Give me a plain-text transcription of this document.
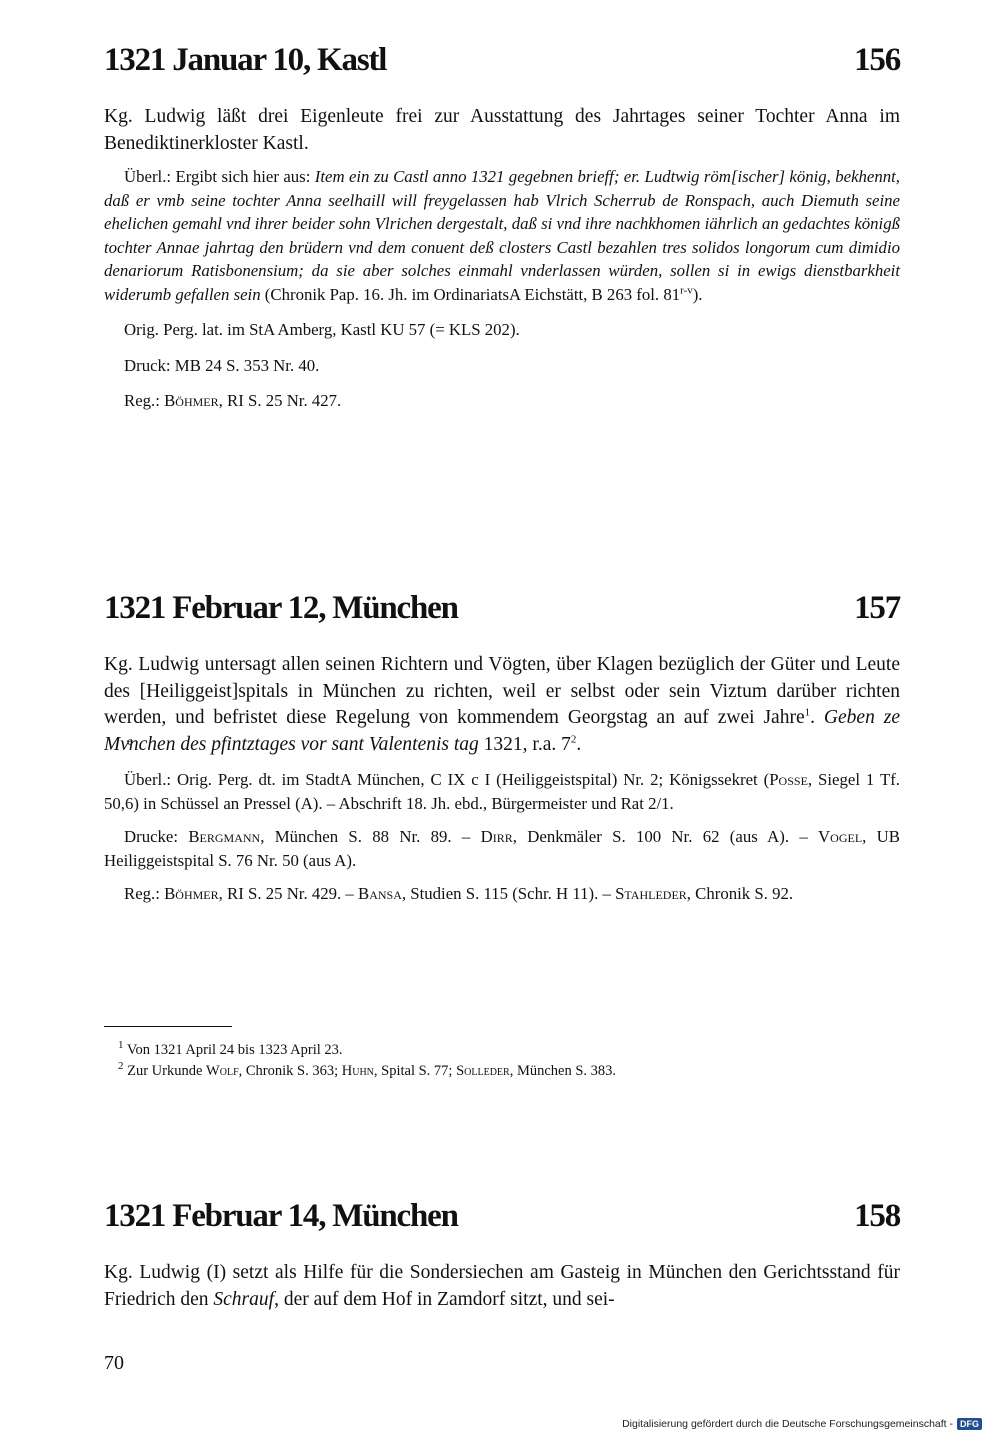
1321 Januar 10, Kastl	156

Kg. Ludwig läßt drei Eigenleute frei zur Ausstattung des Jahrtages seiner Tochter Anna im Benediktinerkloster Kastl.

Überl.: Ergibt sich hier aus: Item ein zu Castl anno 1321 gegebnen brieff; er. Ludtwig röm[ischer] könig, bekhennt, daß er vmb seine tochter Anna seelhaill will freygelassen hab Vlrich Scherrub de Ronspach, auch Diemuth seine ehelichen gemahl vnd ihrer beider sohn Vlrichen dergestalt, daß si vnd ihre nachkhomen iährlich an gedachtes königß tochter Annae jahrtag den brüdern vnd dem conuent deß closters Castl bezahlen tres solidos longorum cum dimidio denariorum Ratisbonensium; da sie aber solches einmahl vnderlassen würden, sollen si in ewigs dienstbarkheit widerumb gefallen sein (Chronik Pap. 16. Jh. im OrdinariatsA Eichstätt, B 263 fol. 81$^{r-v}$).

Orig. Perg. lat. im StA Amberg, Kastl KU 57 (= KLS 202).

Druck: MB 24 S. 353 Nr. 40.

Reg.: Böhmer, RI S. 25 Nr. 427.

1321 Februar 12, München	157

Kg. Ludwig untersagt allen seinen Richtern und Vögten, über Klagen bezüglich der Güter und Leute des [Heiliggeist]spitals in München zu richten, weil er selbst oder sein Viztum darüber richten werden, und befristet diese Regelung von kommendem Georgstag an auf zwei Jahre$^1$. Geben ze Mvͤnchen des pfintztages vor sant Valentenis tag 1321, r.a. $7^2$.

Überl.: Orig. Perg. dt. im StadtA München, C IX c I (Heiliggeistspital) Nr. 2; Königssekret (Posse, Siegel 1 Tf. 50,6) in Schüssel an Pressel (A). – Abschrift 18. Jh. ebd., Bürgermeister und Rat 2/1.

Drucke: Bergmann, München S. 88 Nr. 89. – Dirr, Denkmäler S. 100 Nr. 62 (aus A). – Vogel, UB Heiliggeistspital S. 76 Nr. 50 (aus A).

Reg.: Böhmer, RI S. 25 Nr. 429. – Bansa, Studien S. 115 (Schr. H 11). – Stahleder, Chronik S. 92.

$^1$ Von 1321 April 24 bis 1323 April 23.

$^2$ Zur Urkunde Wolf, Chronik S. 363; Huhn, Spital S. 77; Solleder, München S. 383.

1321 Februar 14, München	158

Kg. Ludwig (I) setzt als Hilfe für die Sondersiechen am Gasteig in München den Gerichtsstand für Friedrich den Schrauf, der auf dem Hof in Zamdorf sitzt, und sei-

70
Digitalisierung gefördert durch die Deutsche Forschungsgemeinschaft - DFG
